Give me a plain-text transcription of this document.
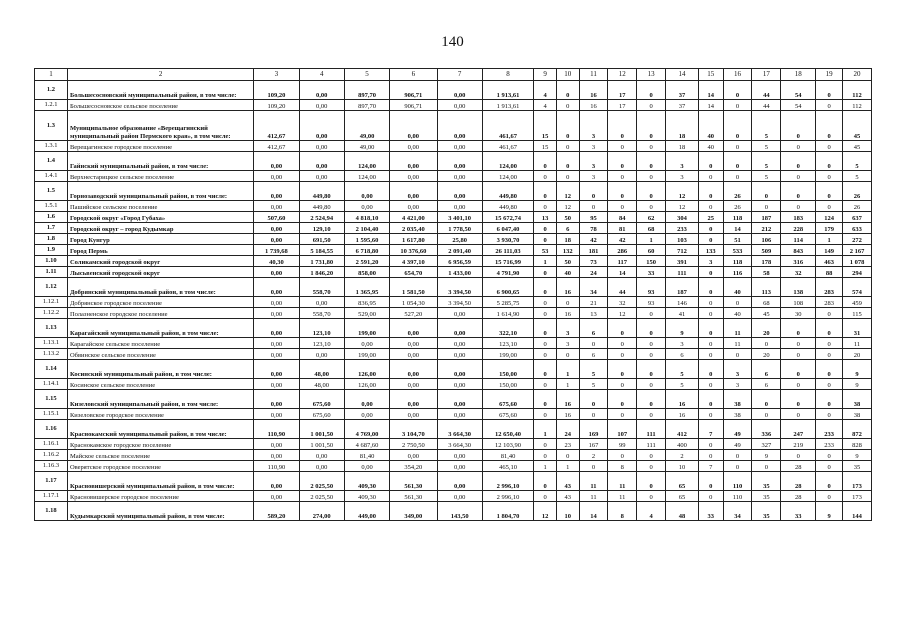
140
1	2	3	4	5	6	7	8	9	10	11	12	13	14	15	16	17	18	19	20
1.2	Большесосновский муниципальный район, в том числе:	109,20	0,00	897,70	906,71	0,00	1 913,61	4	0	16	17	0	37	14	0	44	54	0	112
1.2.1	Большесосновское сельское поселение	109,20	0,00	897,70	906,71	0,00	1 913,61	4	0	16	17	0	37	14	0	44	54	0	112
1.3	Муниципальное образование «Верещагинский муниципальный район Пермского края», в том числе:	412,67	0,00	49,00	0,00	0,00	461,67	15	0	3	0	0	18	40	0	5	0	0	45
1.3.1	Верещагинское городское поселение	412,67	0,00	49,00	0,00	0,00	461,67	15	0	3	0	0	18	40	0	5	0	0	45
1.4	Гайнский муниципальный район, в том числе:	0,00	0,00	124,00	0,00	0,00	124,00	0	0	3	0	0	3	0	0	5	0	0	5
1.4.1	Верхнестарицкое сельское поселение	0,00	0,00	124,00	0,00	0,00	124,00	0	0	3	0	0	3	0	0	5	0	0	5
1.5	Горнозаводский муниципальный район, в том числе:	0,00	449,80	0,00	0,00	0,00	449,80	0	12	0	0	0	12	0	26	0	0	0	26
1.5.1	Пашийское сельское поселение	0,00	449,80	0,00	0,00	0,00	449,80	0	12	0	0	0	12	0	26	0	0	0	26
1.6	Городской округ «Город Губаха»	507,60	2 524,94	4 818,10	4 421,00	3 401,10	15 672,74	13	50	95	84	62	304	25	118	187	183	124	637
1.7	Городской округ – город Кудымкар	0,00	129,10	2 104,40	2 035,40	1 778,50	6 047,40	0	6	78	81	68	233	0	14	212	228	179	633
1.8	Город Кунгур	0,00	691,50	1 595,60	1 617,80	25,80	3 930,70	0	18	42	42	1	103	0	51	106	114	1	272
1.9	Город Пермь	1 739,68	5 184,55	6 718,80	10 376,60	2 091,40	26 111,03	53	132	181	286	60	712	133	533	509	843	149	2 167
1.10	Соликамский городской округ	40,30	1 731,80	2 591,20	4 397,10	6 956,59	15 716,99	1	50	73	117	150	391	3	118	178	316	463	1 078
1.11	Лысьвенский городской округ	0,00	1 846,20	858,00	654,70	1 433,00	4 791,90	0	40	24	14	33	111	0	116	58	32	88	294
1.12	Добрянский муниципальный район, в том числе:	0,00	558,70	1 365,95	1 581,50	3 394,50	6 900,65	0	16	34	44	93	187	0	40	113	138	283	574
1.12.1	Добрянское городское поселение	0,00	0,00	836,95	1 054,30	3 394,50	5 285,75	0	0	21	32	93	146	0	0	68	108	283	459
1.12.2	Полазненское городское поселение	0,00	558,70	529,00	527,20	0,00	1 614,90	0	16	13	12	0	41	0	40	45	30	0	115
1.13	Карагайский муниципальный район, в том числе:	0,00	123,10	199,00	0,00	0,00	322,10	0	3	6	0	0	9	0	11	20	0	0	31
1.13.1	Карагайское сельское поселение	0,00	123,10	0,00	0,00	0,00	123,10	0	3	0	0	0	3	0	11	0	0	0	11
1.13.2	Обвинское сельское поселение	0,00	0,00	199,00	0,00	0,00	199,00	0	0	6	0	0	6	0	0	20	0	0	20
1.14	Косинский муниципальный район, в том числе:	0,00	48,00	126,00	0,00	0,00	150,00	0	1	5	0	0	5	0	3	6	0	0	9
1.14.1	Косинское сельское поселение	0,00	48,00	126,00	0,00	0,00	150,00	0	1	5	0	0	5	0	3	6	0	0	9
1.15	Кизеловский муниципальный район, в том числе:	0,00	675,60	0,00	0,00	0,00	675,60	0	16	0	0	0	16	0	38	0	0	0	38
1.15.1	Кизеловское городское поселение	0,00	675,60	0,00	0,00	0,00	675,60	0	16	0	0	0	16	0	38	0	0	0	38
1.16	Краснокамский муниципальный район, в том числе:	110,90	1 001,50	4 769,00	3 104,70	3 664,30	12 650,40	1	24	169	107	111	412	7	49	336	247	233	872
1.16.1	Краснокамское городское поселение	0,00	1 001,50	4 687,60	2 750,50	3 664,30	12 103,90	0	23	167	99	111	400	0	49	327	219	233	828
1.16.2	Майское сельское поселение	0,00	0,00	81,40	0,00	0,00	81,40	0	0	2	0	0	2	0	0	9	0	0	9
1.16.3	Оверятское городское поселение	110,90	0,00	0,00	354,20	0,00	465,10	1	1	0	8	0	10	7	0	0	28	0	35
1.17	Красновишерский муниципальный район, в том числе:	0,00	2 025,50	409,30	561,30	0,00	2 996,10	0	43	11	11	0	65	0	110	35	28	0	173
1.17.1	Красновишерское городское поселение	0,00	2 025,50	409,30	561,30	0,00	2 996,10	0	43	11	11	0	65	0	110	35	28	0	173
1.18	Кудымкарский муниципальный район, в том числе:	589,20	274,00	449,00	349,00	143,50	1 804,70	12	10	14	8	4	48	33	34	35	33	9	144
